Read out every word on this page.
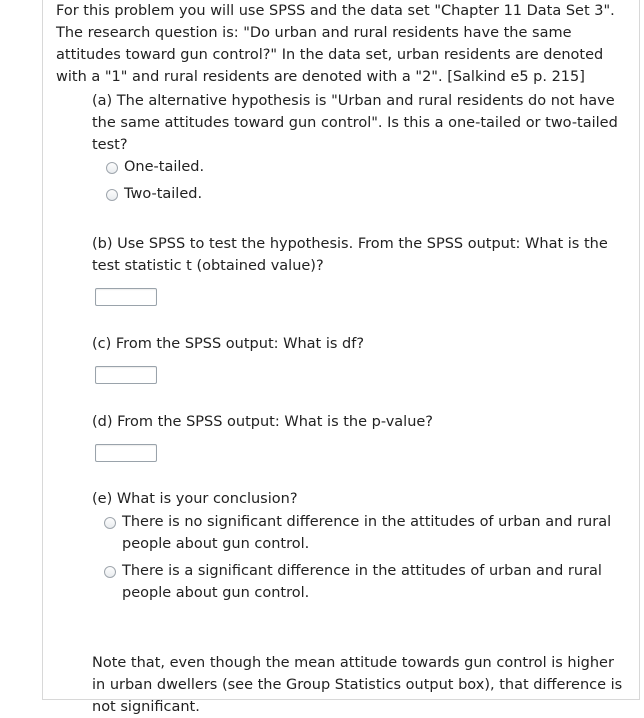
For this problem you will use SPSS and the data set "Chapter 11 Data Set 3". The research question is: "Do urban and rural residents have the same attitudes toward gun control?" In the data set, urban residents are denoted with a "1" and rural residents are denoted with a "2". [Salkind e5 p. 215]

(a) The alternative hypothesis is "Urban and rural residents do not have the same attitudes toward gun control". Is this a one-tailed or two-tailed test?

One-tailed.
Two-tailed.

(b) Use SPSS to test the hypothesis. From the SPSS output: What is the test statistic t (obtained value)?

(c) From the SPSS output: What is df?

(d) From the SPSS output: What is the p-value?

(e) What is your conclusion?

There is no significant difference in the attitudes of urban and rural people about gun control.
There is a significant difference in the attitudes of urban and rural people about gun control.

Note that, even though the mean attitude towards gun control is higher in urban dwellers (see the Group Statistics output box), that difference is not significant.
